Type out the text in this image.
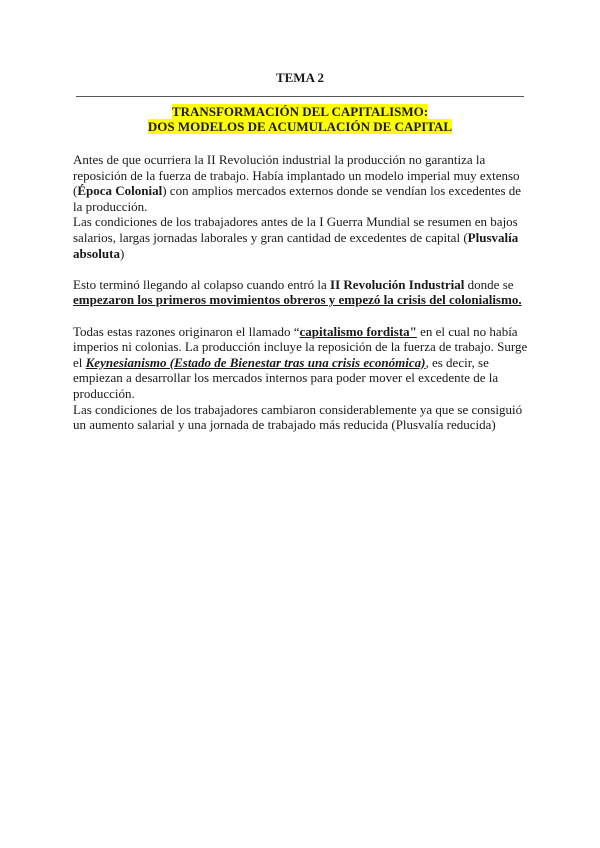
TEMA 2
TRANSFORMACIÓN DEL CAPITALISMO:
DOS MODELOS DE ACUMULACIÓN DE CAPITAL

Antes de que ocurriera la II Revolución industrial la producción no garantiza la reposición de la fuerza de trabajo. Había implantado un modelo imperial muy extenso (Época Colonial) con amplios mercados externos donde se vendían los excedentes de la producción.

Las condiciones de los trabajadores antes de la I Guerra Mundial se resumen en bajos salarios, largas jornadas laborales y gran cantidad de excedentes de capital (Plusvalía absoluta)

Esto terminó llegando al colapso cuando entró la II Revolución Industrial donde se empezaron los primeros movimientos obreros y empezó la crisis del colonialismo.

Todas estas razones originaron el llamado “capitalismo fordista" en el cual no había imperios ni colonias. La producción incluye la reposición de la fuerza de trabajo. Surge el Keynesianismo (Estado de Bienestar tras una crisis económica), es decir, se empiezan a desarrollar los mercados internos para poder mover el excedente de la producción.

Las condiciones de los trabajadores cambiaron considerablemente ya que se consiguió un aumento salarial y una jornada de trabajado más reducida (Plusvalía reducida)
